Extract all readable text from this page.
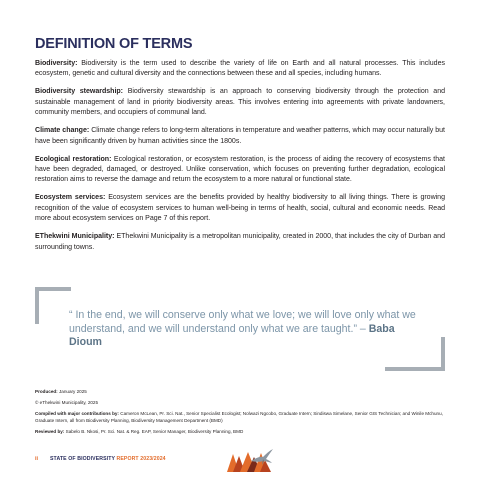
DEFINITION OF TERMS

Biodiversity: Biodiversity is the term used to describe the variety of life on Earth and all natural processes. This includes ecosystem, genetic and cultural diversity and the connections between these and all species, including humans.

Biodiversity stewardship: Biodiversity stewardship is an approach to conserving biodiversity through the protection and sustainable management of land in priority biodiversity areas. This involves entering into agreements with private landowners, community members, and occupiers of communal land.

Climate change: Climate change refers to long-term alterations in temperature and weather patterns, which may occur naturally but have been significantly driven by human activities since the 1800s.

Ecological restoration: Ecological restoration, or ecosystem restoration, is the process of aiding the recovery of ecosystems that have been degraded, damaged, or destroyed. Unlike conservation, which focuses on preventing further degradation, ecological restoration aims to reverse the damage and return the ecosystem to a more natural or functional state.

Ecosystem services: Ecosystem services are the benefits provided by healthy biodiversity to all living things. There is growing recognition of the value of ecosystem services to human well-being in terms of health, social, cultural and economic needs. Read more about ecosystem services on Page 7 of this report.

EThekwini Municipality: EThekwini Municipality is a metropolitan municipality, created in 2000, that includes the city of Durban and surrounding towns.

“ In the end, we will conserve only what we love; we will love only what we understand, and we will understand only what we are taught.” – Baba Dioum

Produced: January 2025

© eThekwini Municipality, 2025

Compiled with major contributions by: Cameron McLean, Pr. Sci. Nat., Senior Specialist Ecologist; Nolwazi Ngcobo, Graduate Intern; Sindiswa Simelane, Senior GIS Technician; and Winile Mchunu, Graduate Intern, all from Biodiversity Planning, Biodiversity Management Department (BMD)

Reviewed by: Sabelo B. Nkosi, Pr. Sci. Nat. & Reg. EAP, Senior Manager, Biodiversity Planning, BMD

ii STATE OF BIODIVERSITY REPORT 2023/2024
